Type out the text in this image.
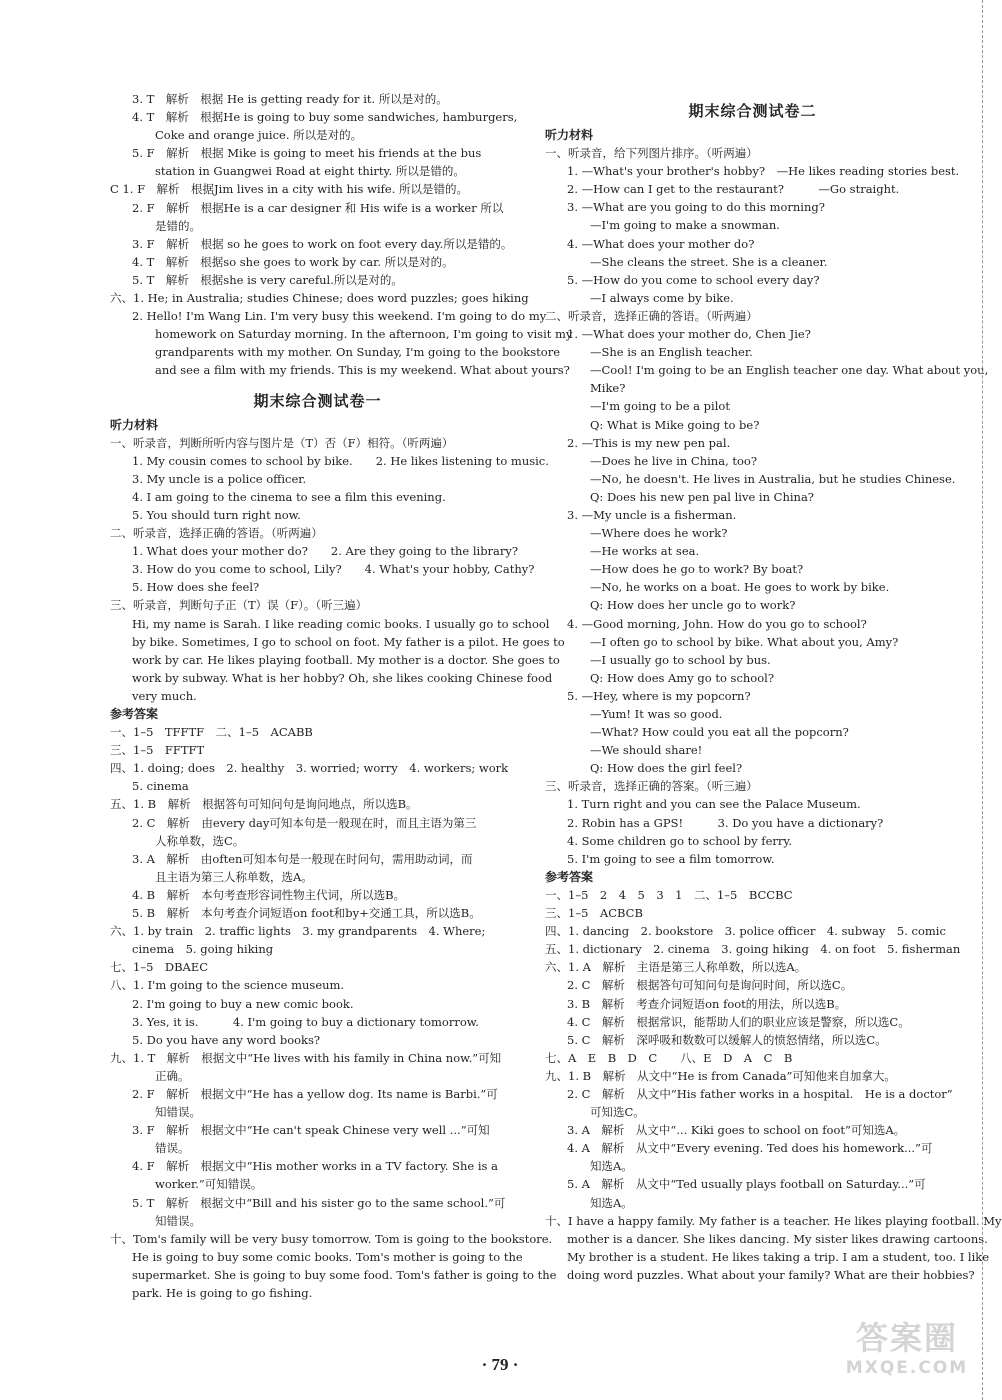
3. T　解析　根据 He is getting ready for it. 所以是对的。
4. T　解析　根据He is going to buy some sandwiches, hamburgers,
Coke and orange juice. 所以是对的。
5. F　解析　根据 Mike is going to meet his friends at the bus
station in Guangwei Road at eight thirty. 所以是错的。
C 1. F　解析　根据Jim lives in a city with his wife. 所以是错的。
2. F　解析　根据He is a car designer 和 His wife is a worker 所以
是错的。
3. F　解析　根据 so he goes to work on foot every day.所以是错的。
4. T　解析　根据so she goes to work by car. 所以是对的。
5. T　解析　根据she is very careful.所以是对的。
六、1. He; in Australia; studies Chinese; does word puzzles; goes hiking
2. Hello! I'm Wang Lin. I'm very busy this weekend. I'm going to do my
homework on Saturday morning. In the afternoon, I'm going to visit my
grandparents with my mother. On Sunday, I'm going to the bookstore
and see a film with my friends. This is my weekend. What about yours?
期末综合测试卷一
听力材料
一、听录音，判断所听内容与图片是（T）否（F）相符。（听两遍）
1. My cousin comes to school by bike.　　2. He likes listening to music.
3. My uncle is a police officer.
4. I am going to the cinema to see a film this evening.
5. You should turn right now.
二、听录音，选择正确的答语。（听两遍）
1. What does your mother do?　　2. Are they going to the library?
3. How do you come to school, Lily?　　4. What's your hobby, Cathy?
5. How does she feel?
三、听录音，判断句子正（T）误（F）。（听三遍）
Hi, my name is Sarah. I like reading comic books. I usually go to school
by bike. Sometimes, I go to school on foot. My father is a pilot. He goes to
work by car. He likes playing football. My mother is a doctor. She goes to
work by subway. What is her hobby? Oh, she likes cooking Chinese food
very much.
参考答案
一、1–5　TFFTF　二、1–5　ACABB
三、1–5　FFTFT
四、1. doing; does　2. healthy　3. worried; worry　4. workers; work
5. cinema
五、1. B　解析　根据答句可知问句是询问地点，所以选B。
2. C　解析　由every day可知本句是一般现在时，而且主语为第三
人称单数，选C。
3. A　解析　由often可知本句是一般现在时问句，需用助动词，而
且主语为第三人称单数，选A。
4. B　解析　本句考查形容词性物主代词，所以选B。
5. B　解析　本句考查介词短语on foot和by+交通工具，所以选B。
六、1. by train　2. traffic lights　3. my grandparents　4. Where;
cinema　5. going hiking
七、1–5　DBAEC
八、1. I'm going to the science museum.
2. I'm going to buy a new comic book.
3. Yes, it is.　　　4. I'm going to buy a dictionary tomorrow.
5. Do you have any word books?
九、1. T　解析　根据文中“He lives with his family in China now.”可知
正确。
2. F　解析　根据文中“He has a yellow dog. Its name is Barbi.”可
知错误。
3. F　解析　根据文中“He can't speak Chinese very well ...”可知
错误。
4. F　解析　根据文中“His mother works in a TV factory. She is a
worker.”可知错误。
5. T　解析　根据文中“Bill and his sister go to the same school.”可
知错误。
十、Tom's family will be very busy tomorrow. Tom is going to the bookstore.
He is going to buy some comic books. Tom's mother is going to the
supermarket. She is going to buy some food. Tom's father is going to the
park. He is going to go fishing.
期末综合测试卷二
听力材料
一、听录音，给下列图片排序。（听两遍）
1. —What's your brother's hobby?　—He likes reading stories best.
2. —How can I get to the restaurant?　　　—Go straight.
3. —What are you going to do this morning?
—I'm going to make a snowman.
4. —What does your mother do?
—She cleans the street. She is a cleaner.
5. —How do you come to school every day?
—I always come by bike.
二、听录音，选择正确的答语。（听两遍）
1. —What does your mother do, Chen Jie?
—She is an English teacher.
—Cool! I'm going to be an English teacher one day. What about you,
Mike?
—I'm going to be a pilot
Q: What is Mike going to be?
2. —This is my new pen pal.
—Does he live in China, too?
—No, he doesn't. He lives in Australia, but he studies Chinese.
Q: Does his new pen pal live in China?
3. —My uncle is a fisherman.
—Where does he work?
—He works at sea.
—How does he go to work? By boat?
—No, he works on a boat. He goes to work by bike.
Q: How does her uncle go to work?
4. —Good morning, John. How do you go to school?
—I often go to school by bike. What about you, Amy?
—I usually go to school by bus.
Q: How does Amy go to school?
5. —Hey, where is my popcorn?
—Yum! It was so good.
—What? How could you eat all the popcorn?
—We should share!
Q: How does the girl feel?
三、听录音，选择正确的答案。（听三遍）
1. Turn right and you can see the Palace Museum.
2. Robin has a GPS!　　　3. Do you have a dictionary?
4. Some children go to school by ferry.
5. I'm going to see a film tomorrow.
参考答案
一、1–5　2　4　5　3　1　二、1–5　BCCBC
三、1–5　ACBCB
四、1. dancing　2. bookstore　3. police officer　4. subway　5. comic
五、1. dictionary　2. cinema　3. going hiking　4. on foot　5. fisherman
六、1. A　解析　主语是第三人称单数，所以选A。
2. C　解析　根据答句可知问句是询问时间，所以选C。
3. B　解析　考查介词短语on foot的用法，所以选B。
4. C　解析　根据常识，能帮助人们的职业应该是警察，所以选C。
5. C　解析　深呼吸和数数可以缓解人的愤怒情绪，所以选C。
七、A　E　B　D　C　　八、E　D　A　C　B
九、1. B　解析　从文中“He is from Canada”可知他来自加拿大。
2. C　解析　从文中“His father works in a hospital.　He is a doctor”
可知选C。
3. A　解析　从文中“... Kiki goes to school on foot”可知选A。
4. A　解析　从文中“Every evening. Ted does his homework...”可
知选A。
5. A　解析　从文中“Ted usually plays football on Saturday...”可
知选A。
十、I have a happy family. My father is a teacher. He likes playing football. My
mother is a dancer. She likes dancing. My sister likes drawing cartoons.
My brother is a student. He likes taking a trip. I am a student, too. I like
doing word puzzles. What about your family? What are their hobbies?
· 79 ·
答案圈
MXQE.COM
